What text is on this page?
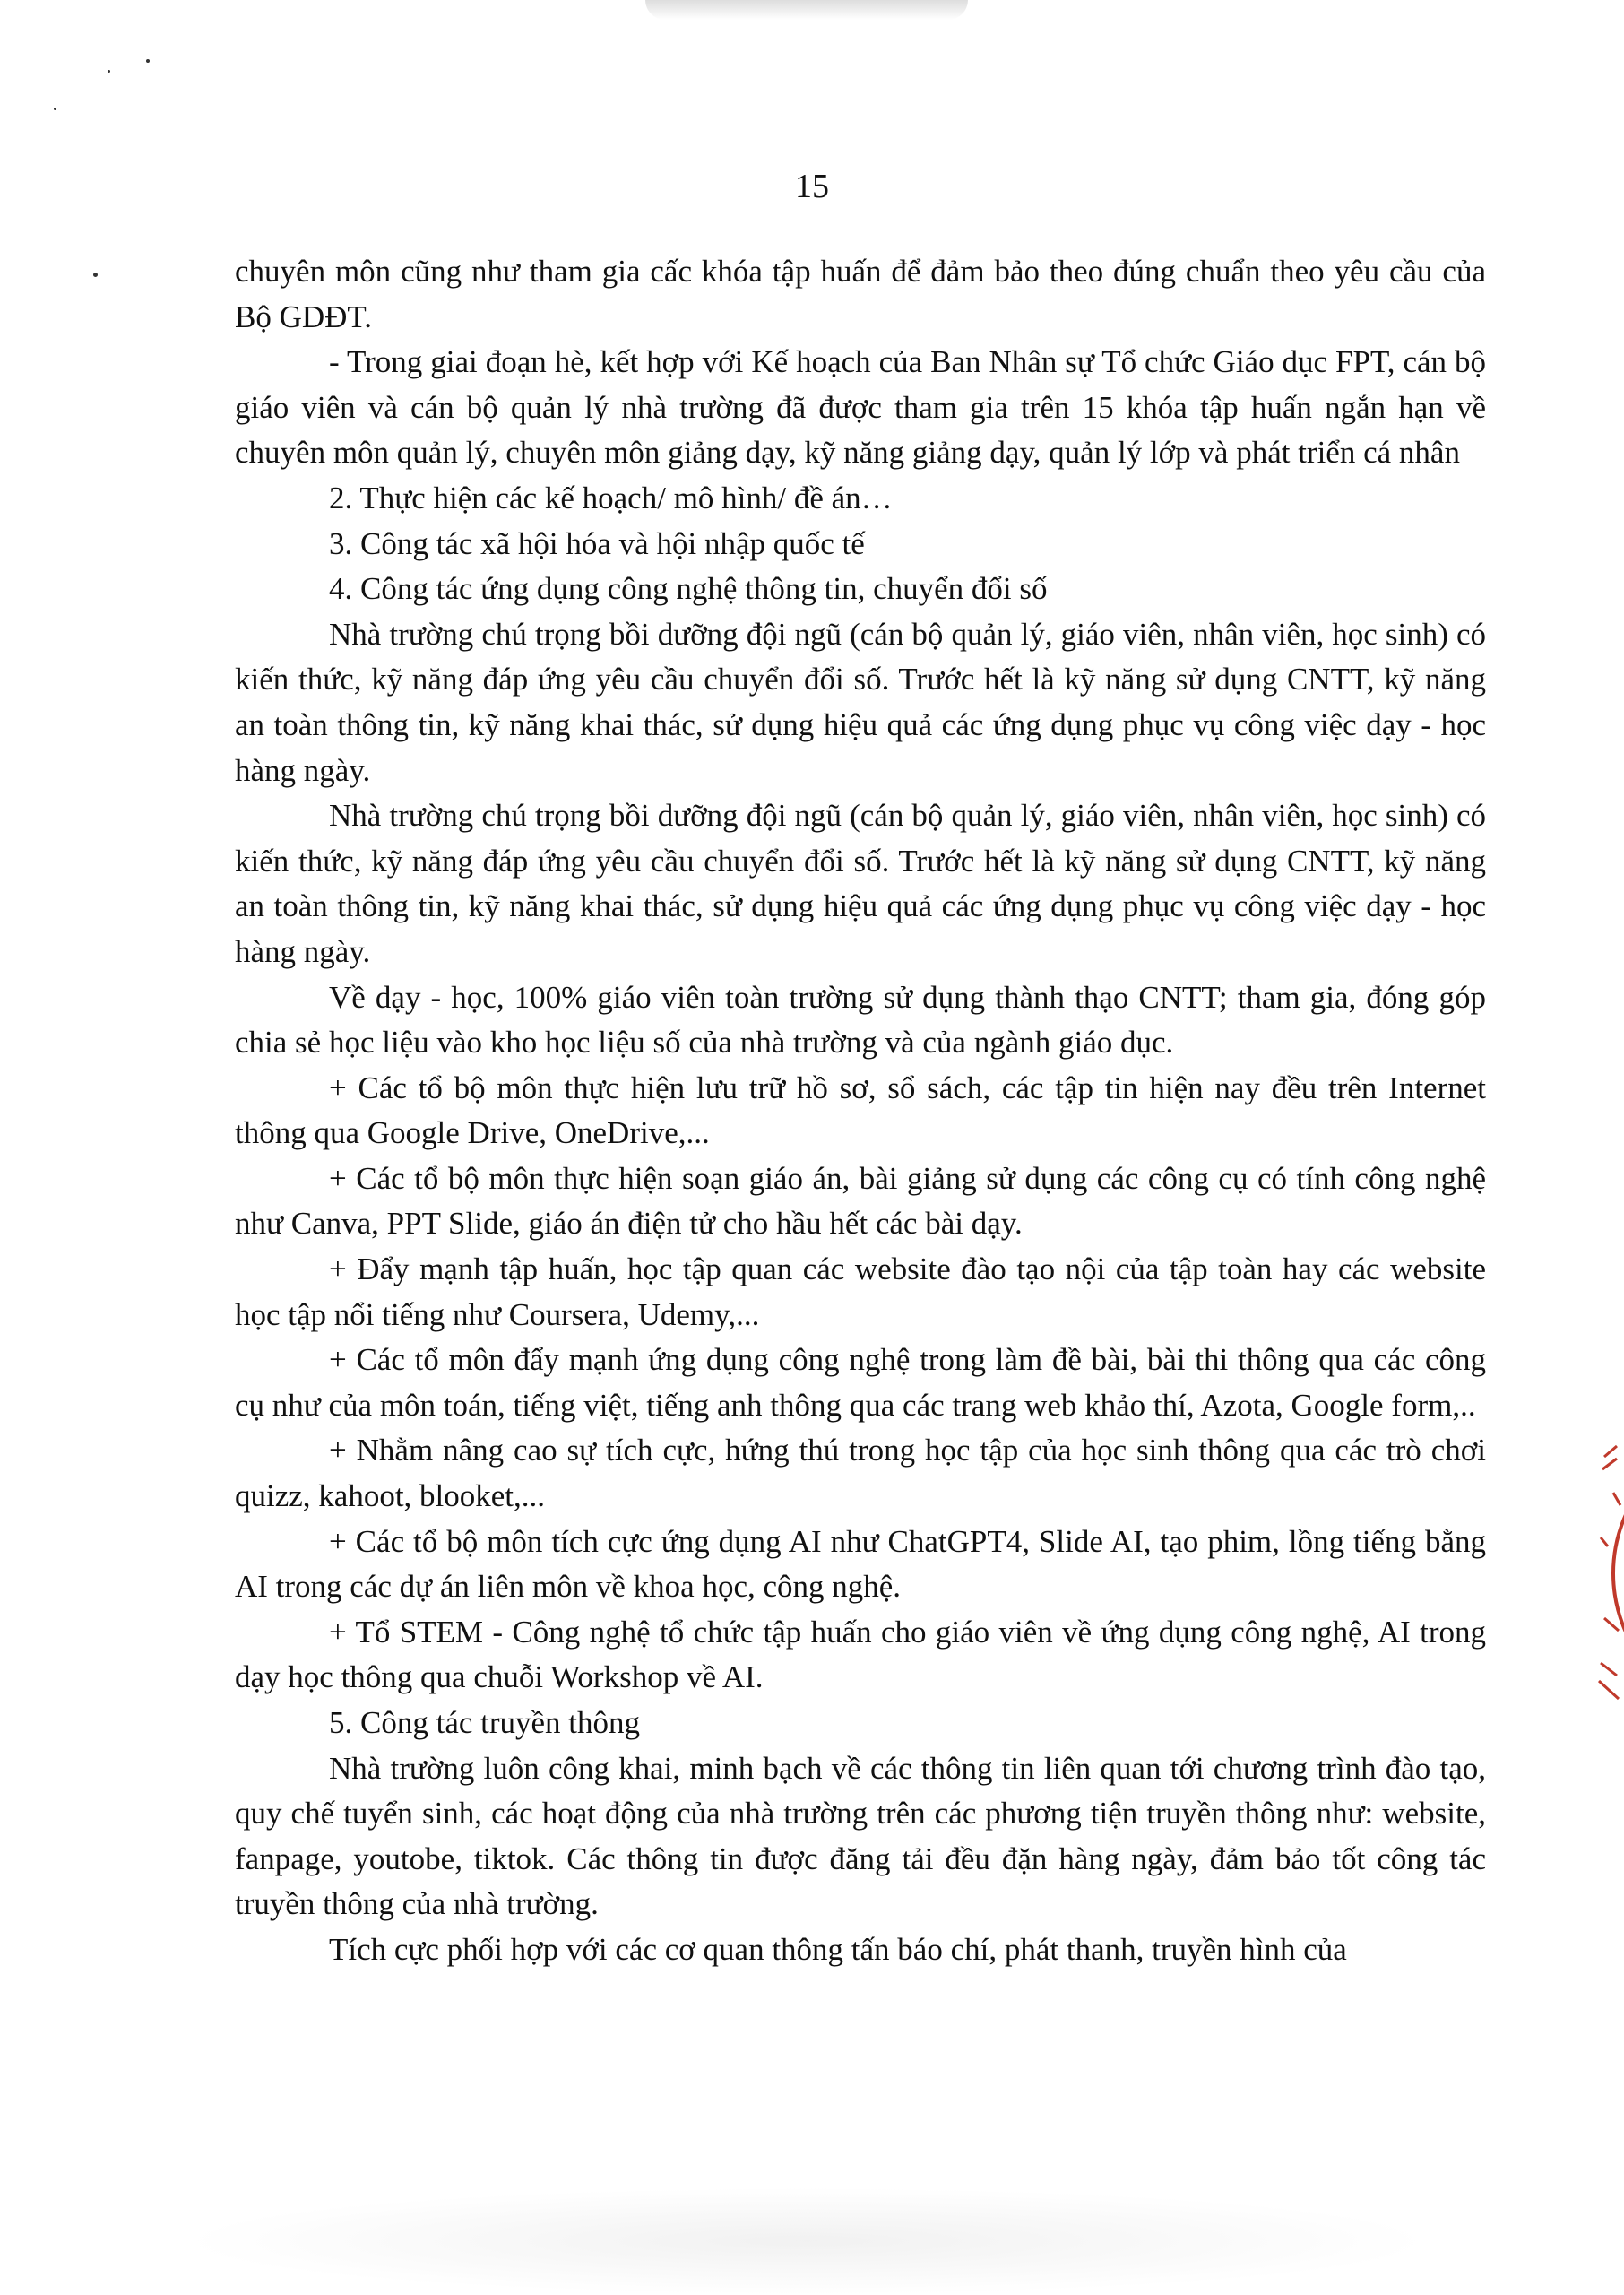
15

chuyên môn cũng như tham gia cấc khóa tập huấn để đảm bảo theo đúng chuẩn theo yêu cầu của Bộ GDĐT.

- Trong giai đoạn hè, kết hợp với Kế hoạch của Ban Nhân sự Tổ chức Giáo dục FPT, cán bộ giáo viên và cán bộ quản lý nhà trường đã được tham gia trên 15 khóa tập huấn ngắn hạn về chuyên môn quản lý, chuyên môn giảng dạy, kỹ năng giảng dạy, quản lý lớp và phát triển cá nhân

2. Thực hiện các kế hoạch/ mô hình/ đề án…

3. Công tác xã hội hóa và hội nhập quốc tế

4. Công tác ứng dụng công nghệ thông tin, chuyển đổi số

Nhà trường chú trọng bồi dưỡng đội ngũ (cán bộ quản lý, giáo viên, nhân viên, học sinh) có kiến thức, kỹ năng đáp ứng yêu cầu chuyển đổi số. Trước hết là kỹ năng sử dụng CNTT, kỹ năng an toàn thông tin, kỹ năng khai thác, sử dụng hiệu quả các ứng dụng phục vụ công việc dạy - học hàng ngày.

Nhà trường chú trọng bồi dưỡng đội ngũ (cán bộ quản lý, giáo viên, nhân viên, học sinh) có kiến thức, kỹ năng đáp ứng yêu cầu chuyển đổi số. Trước hết là kỹ năng sử dụng CNTT, kỹ năng an toàn thông tin, kỹ năng khai thác, sử dụng hiệu quả các ứng dụng phục vụ công việc dạy - học hàng ngày.

Về dạy - học, 100% giáo viên toàn trường sử dụng thành thạo CNTT; tham gia, đóng góp chia sẻ học liệu vào kho học liệu số của nhà trường và của ngành giáo dục.

+ Các tổ bộ môn thực hiện lưu trữ hồ sơ, sổ sách, các tập tin hiện nay đều trên Internet thông qua Google Drive, OneDrive,...

+ Các tổ bộ môn thực hiện soạn giáo án, bài giảng sử dụng các công cụ có tính công nghệ như Canva, PPT Slide, giáo án điện tử cho hầu hết các bài dạy.

+ Đẩy mạnh tập huấn, học tập quan các website đào tạo nội của tập toàn hay các website học tập nổi tiếng như Coursera, Udemy,...

+ Các tổ môn đẩy mạnh ứng dụng công nghệ trong làm đề bài, bài thi thông qua các công cụ như của môn toán, tiếng việt, tiếng anh thông qua các trang web khảo thí, Azota, Google form,..

+ Nhằm nâng cao sự tích cực, hứng thú trong học tập của học sinh thông qua các trò chơi quizz, kahoot, blooket,...

+ Các tổ bộ môn tích cực ứng dụng AI như ChatGPT4, Slide AI, tạo phim, lồng tiếng bằng AI trong các dự án liên môn về khoa học, công nghệ.

+ Tổ STEM - Công nghệ tổ chức tập huấn cho giáo viên về ứng dụng công nghệ, AI trong dạy học thông qua chuỗi Workshop về AI.

5. Công tác truyền thông

Nhà trường luôn công khai, minh bạch về các thông tin liên quan tới chương trình đào tạo, quy chế tuyển sinh, các hoạt động của nhà trường trên các phương tiện truyền thông như: website, fanpage, youtobe, tiktok. Các thông tin được đăng tải đều đặn hàng ngày, đảm bảo tốt công tác truyền thông của nhà trường.

Tích cực phối hợp với các cơ quan thông tấn báo chí, phát thanh, truyền hình của
